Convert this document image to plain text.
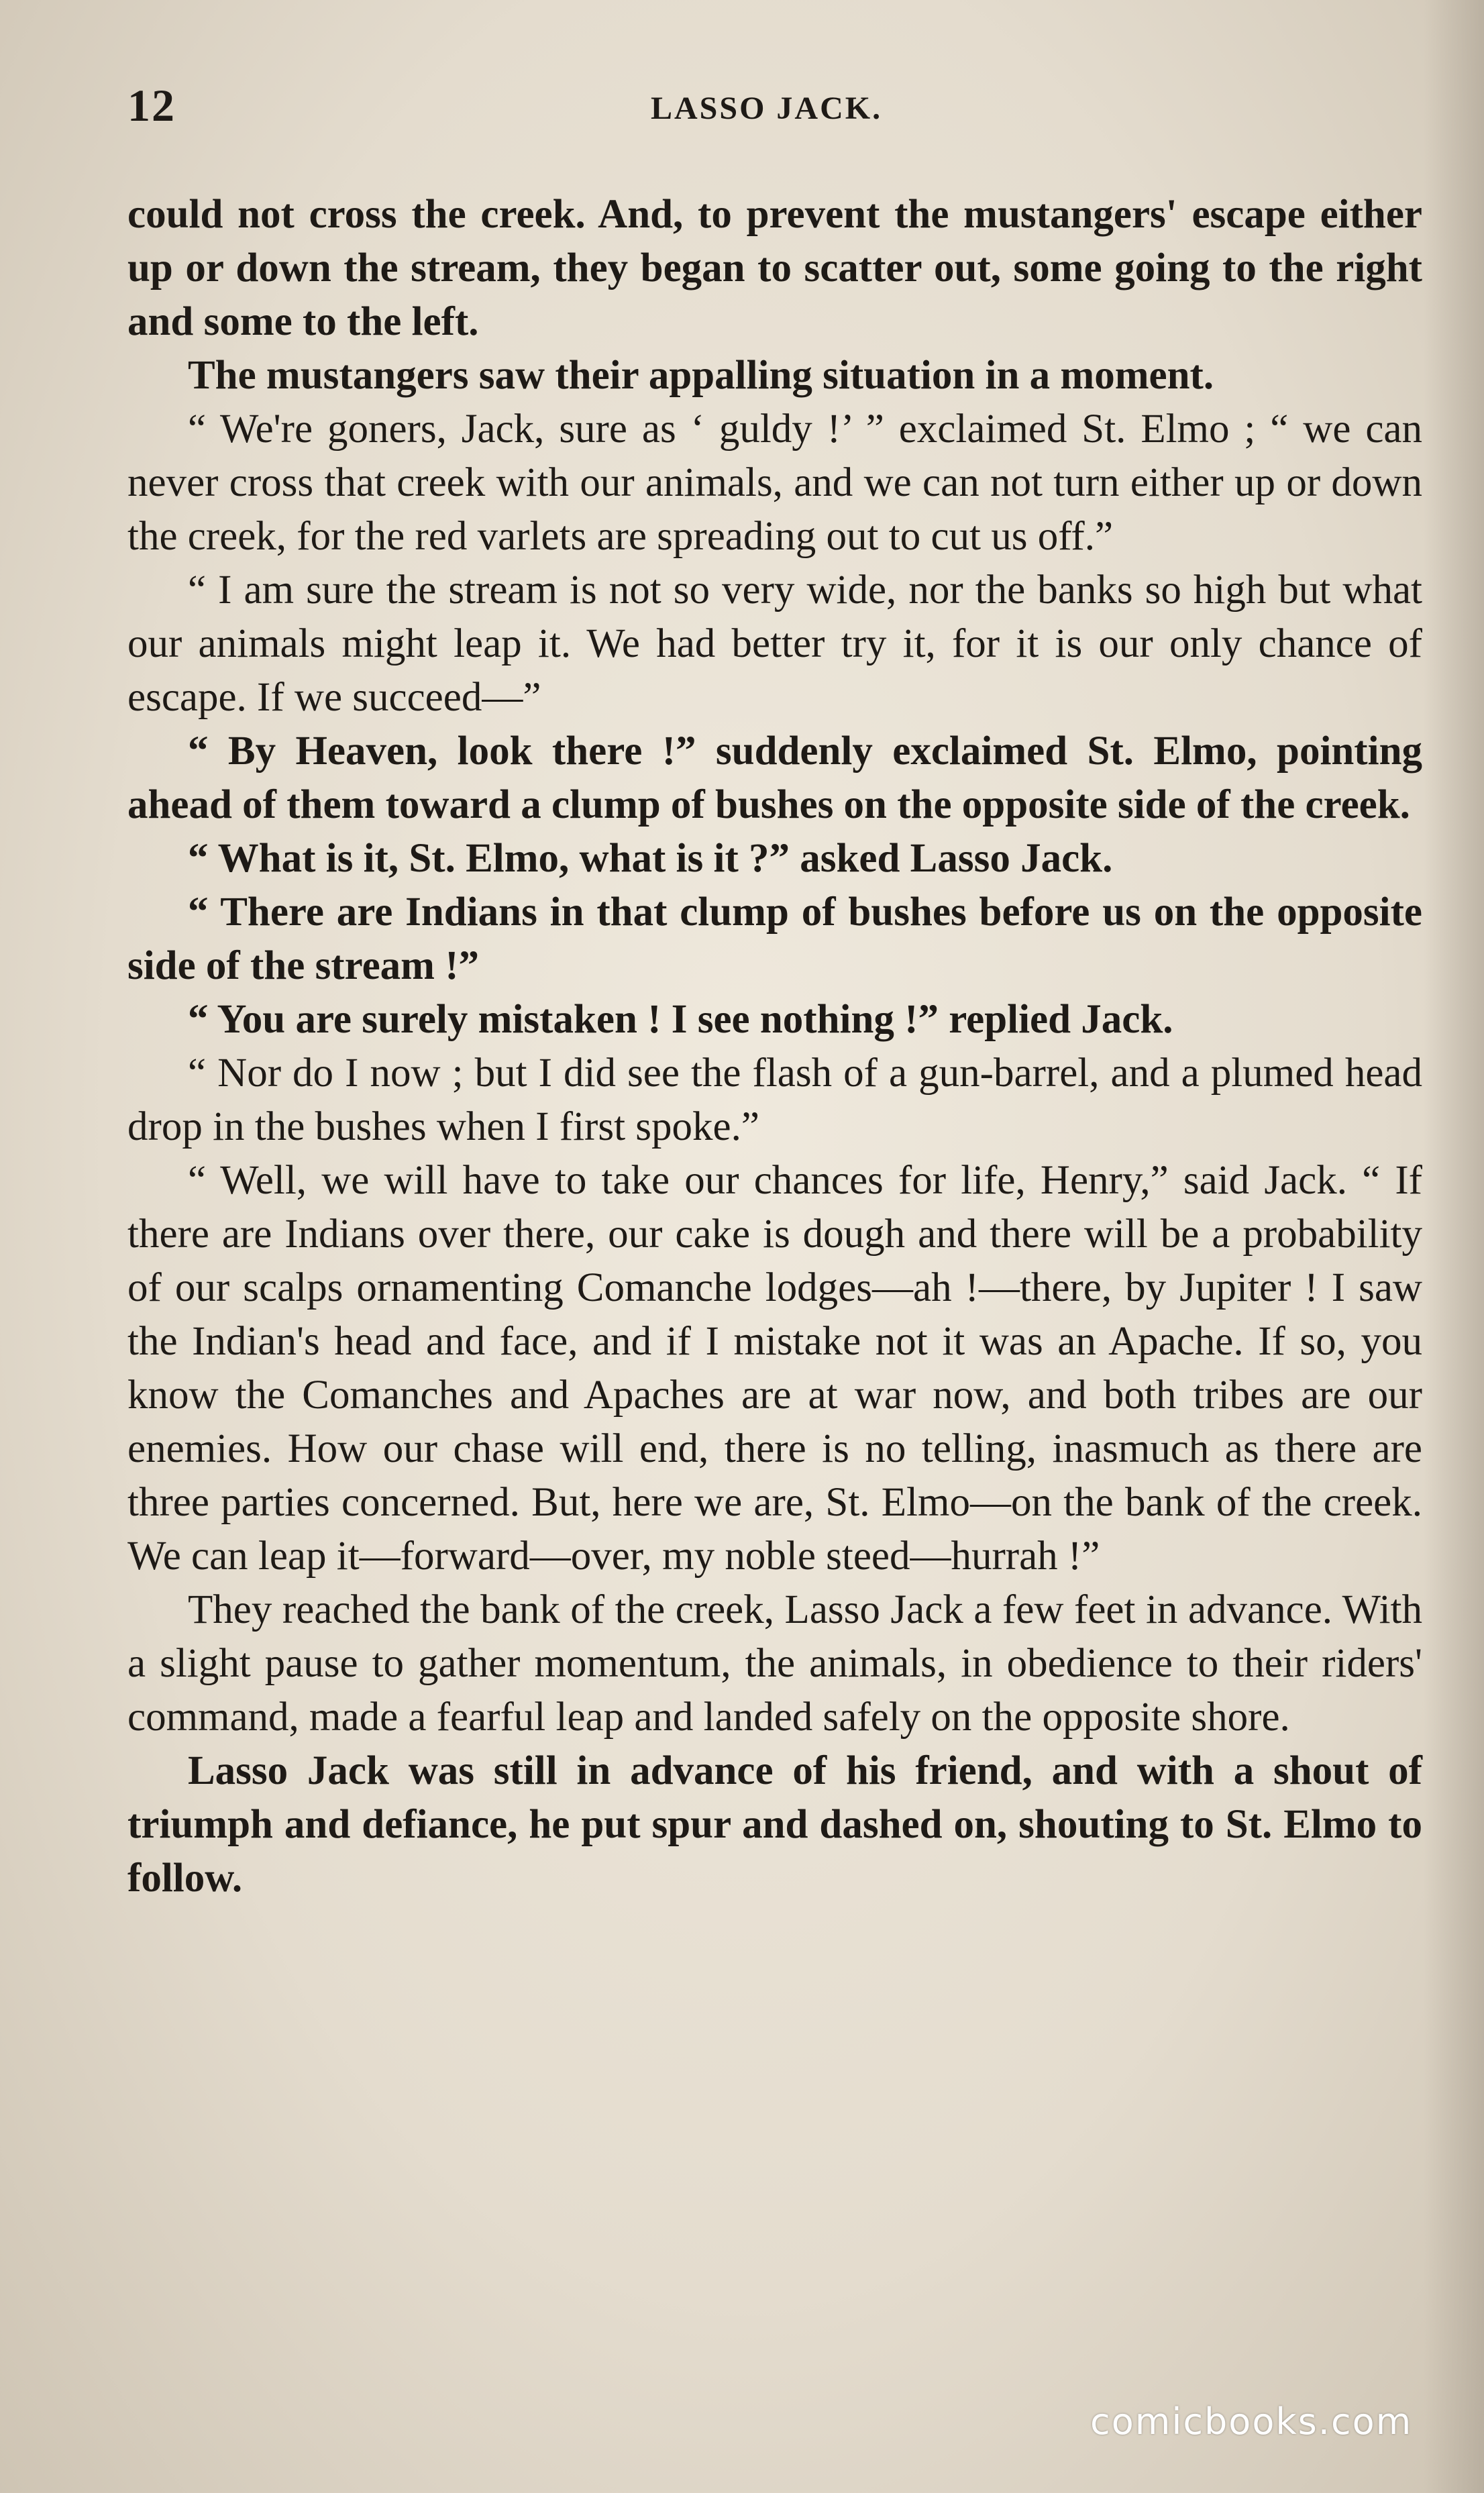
12	LASSO JACK.

could not cross the creek. And, to prevent the mustangers' escape either up or down the stream, they began to scatter out, some going to the right and some to the left.

The mustangers saw their appalling situation in a moment.

“ We're goners, Jack, sure as ‘ guldy !’ ” exclaimed St. Elmo ; “ we can never cross that creek with our animals, and we can not turn either up or down the creek, for the red varlets are spreading out to cut us off.”

“ I am sure the stream is not so very wide, nor the banks so high but what our animals might leap it. We had better try it, for it is our only chance of escape. If we succeed—”

“ By Heaven, look there !” suddenly exclaimed St. Elmo, pointing ahead of them toward a clump of bushes on the opposite side of the creek.

“ What is it, St. Elmo, what is it ?” asked Lasso Jack.

“ There are Indians in that clump of bushes before us on the opposite side of the stream !”

“ You are surely mistaken ! I see nothing !” replied Jack.

“ Nor do I now ; but I did see the flash of a gun-barrel, and a plumed head drop in the bushes when I first spoke.”

“ Well, we will have to take our chances for life, Henry,” said Jack. “ If there are Indians over there, our cake is dough and there will be a probability of our scalps ornamenting Comanche lodges—ah !—there, by Jupiter ! I saw the Indian's head and face, and if I mistake not it was an Apache. If so, you know the Comanches and Apaches are at war now, and both tribes are our enemies. How our chase will end, there is no telling, inasmuch as there are three parties concerned. But, here we are, St. Elmo—on the bank of the creek. We can leap it—forward—over, my noble steed—hurrah !”

They reached the bank of the creek, Lasso Jack a few feet in advance. With a slight pause to gather momentum, the animals, in obedience to their riders' command, made a fearful leap and landed safely on the opposite shore.

Lasso Jack was still in advance of his friend, and with a shout of triumph and defiance, he put spur and dashed on, shouting to St. Elmo to follow.

comicbooks.com
